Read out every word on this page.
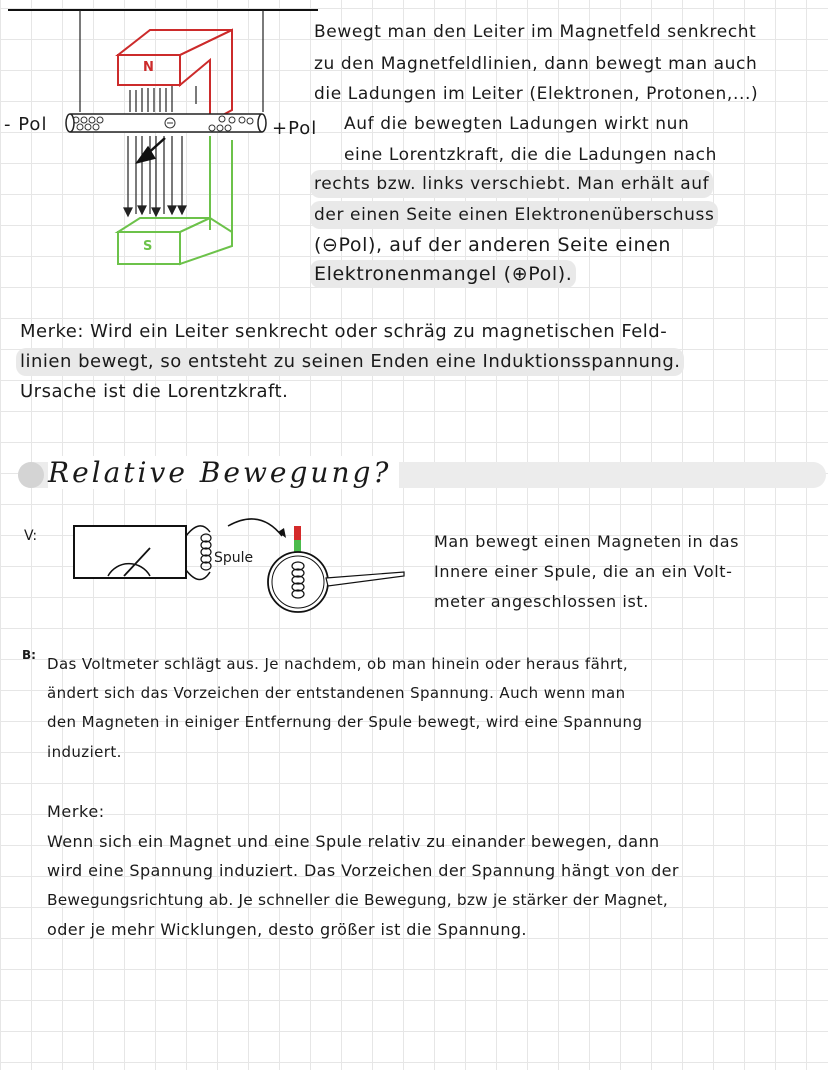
N
S
- Pol	+Pol
Bewegt man den Leiter im Magnetfeld senkrecht
zu den Magnetfeldlinien, dann bewegt man auch
die Ladungen im Leiter (Elektronen, Protonen,...)
Auf die bewegten Ladungen wirkt nun
eine Lorentzkraft, die die Ladungen nach
rechts bzw. links verschiebt. Man erhält auf
der einen Seite einen Elektronenüberschuss
(⊖Pol), auf der anderen Seite einen
Elektronenmangel (⊕Pol).
Merke: Wird ein Leiter senkrecht oder schräg zu magnetischen Feld-
linien bewegt, so entsteht zu seinen Enden eine Induktionsspannung.
Ursache ist die Lorentzkraft.
Relative Bewegung?
V:
Spule
Man bewegt einen Magneten in das
Innere einer Spule, die an ein Volt-
meter angeschlossen ist.
B: Das Voltmeter schlägt aus. Je nachdem, ob man hinein oder heraus fährt,
ändert sich das Vorzeichen der entstandenen Spannung. Auch wenn man
den Magneten in einiger Entfernung der Spule bewegt, wird eine Spannung
induziert.
Merke:
Wenn sich ein Magnet und eine Spule relativ zu einander bewegen, dann
wird eine Spannung induziert. Das Vorzeichen der Spannung hängt von der
Bewegungsrichtung ab. Je schneller die Bewegung, bzw je stärker der Magnet,
oder je mehr Wicklungen, desto größer ist die Spannung.
